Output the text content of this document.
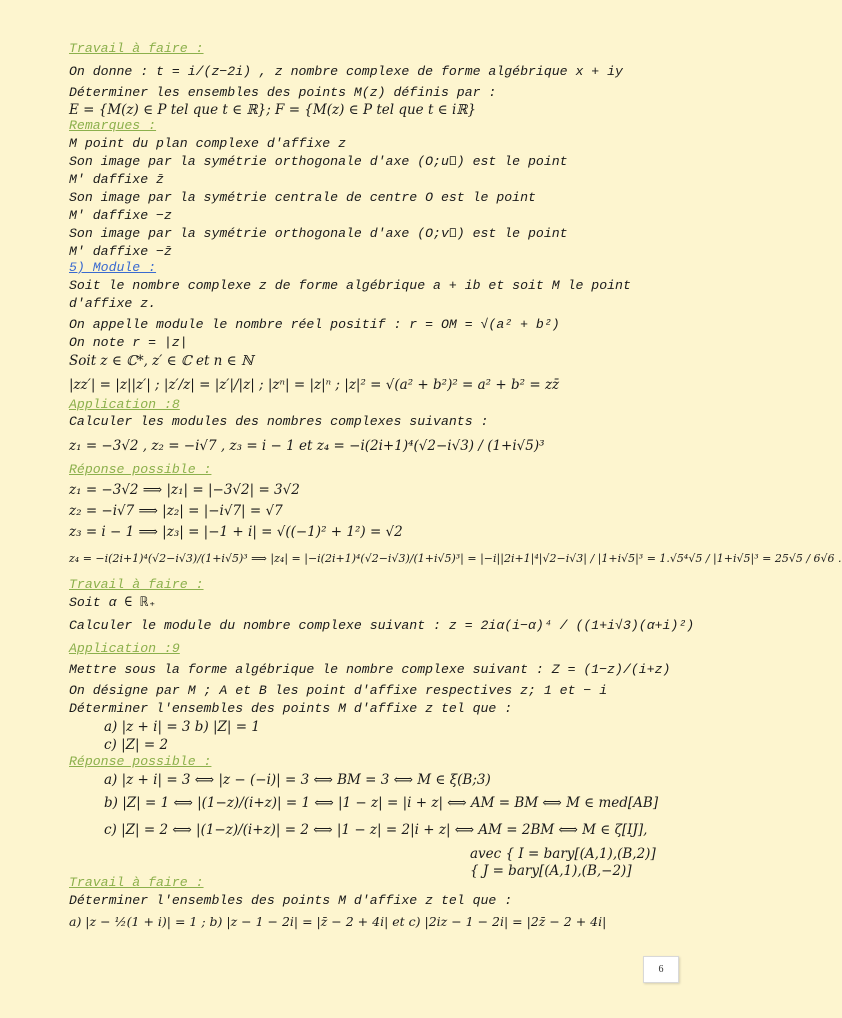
Travail à faire :
On donne : t = i/(z−2i) , z nombre complexe de forme algébrique x + iy
Déterminer les ensembles des points M(z) définis par :
E = {M(z) ∈ P tel que t ∈ ℝ}; F = {M(z) ∈ P tel que t ∈ iℝ}
Remarques :
M point du plan complexe d'affixe z
Son image par la symétrie orthogonale d'axe (O;u⃗) est le point
M′ daffixe z̄
Son image par la symétrie centrale de centre O est le point
M′ daffixe −z
Son image par la symétrie orthogonale d'axe (O;v⃗) est le point
M′ daffixe −z̄
5) Module :
Soit le nombre complexe z de forme algébrique a + ib et soit M le point
d'affixe z.
On appelle module le nombre réel positif : r = OM = √(a² + b²)
On note r = |z|
Soit z ∈ ℂ*, z′ ∈ ℂ et n ∈ ℕ
|zz′| = |z||z′| ; |z′/z| = |z′|/|z| ; |zⁿ| = |z|ⁿ ; |z|² = √(a² + b²)² = a² + b² = zz̄
Application :8
Calculer les modules des nombres complexes suivants :
z₁ = −3√2 , z₂ = −i√7 , z₃ = i − 1 et z₄ = −i(2i+1)⁴(√2−i√3) / (1+i√5)³
Réponse possible :
z₁ = −3√2 ⟹ |z₁| = |−3√2| = 3√2
z₂ = −i√7 ⟹ |z₂| = |−i√7| = √7
z₃ = i − 1 ⟹ |z₃| = |−1 + i| = √((−1)² + 1²) = √2
z₄ = −i(2i+1)⁴(√2−i√3)/(1+i√5)³ ⟹ |z₄| = |−i(2i+1)⁴(√2−i√3)/(1+i√5)³| = |−i||2i+1|⁴|√2−i√3| / |1+i√5|³ = 1.√5⁴√5 / |1+i√5|³ = 25√5 / 6√6 .
Travail à faire :
Soit α ∈ ℝ₊
Calculer le module du nombre complexe suivant : z = 2iα(i−α)⁴ / ((1+i√3)(α+i)²)
Application :9
Mettre sous la forme algébrique le nombre complexe suivant : Z = (1−z)/(i+z)
On désigne par M ; A et B les point d'affixe respectives z; 1 et − i
Déterminer l'ensembles des points M d'affixe z tel que :
a) |z + i| = 3 b) |Z| = 1
c) |Z| = 2
Réponse possible :
a) |z + i| = 3 ⟺ |z − (−i)| = 3 ⟺ BM = 3 ⟺ M ∈ ξ(B;3)
b) |Z| = 1 ⟺ |(1−z)/(i+z)| = 1 ⟺ |1 − z| = |i + z| ⟺ AM = BM ⟺ M ∈ med[AB]
c) |Z| = 2 ⟺ |(1−z)/(i+z)| = 2 ⟺ |1 − z| = 2|i + z| ⟺ AM = 2BM ⟺ M ∈ ζ[IJ],
avec { I = bary[(A,1),(B,2)]
{ J = bary[(A,1),(B,−2)]
Travail à faire :
Déterminer l'ensembles des points M d'affixe z tel que :
a) |z − ½(1 + i)| = 1 ; b) |z − 1 − 2i| = |z̄ − 2 + 4i| et c) |2iz − 1 − 2i| = |2z̄ − 2 + 4i|
6
